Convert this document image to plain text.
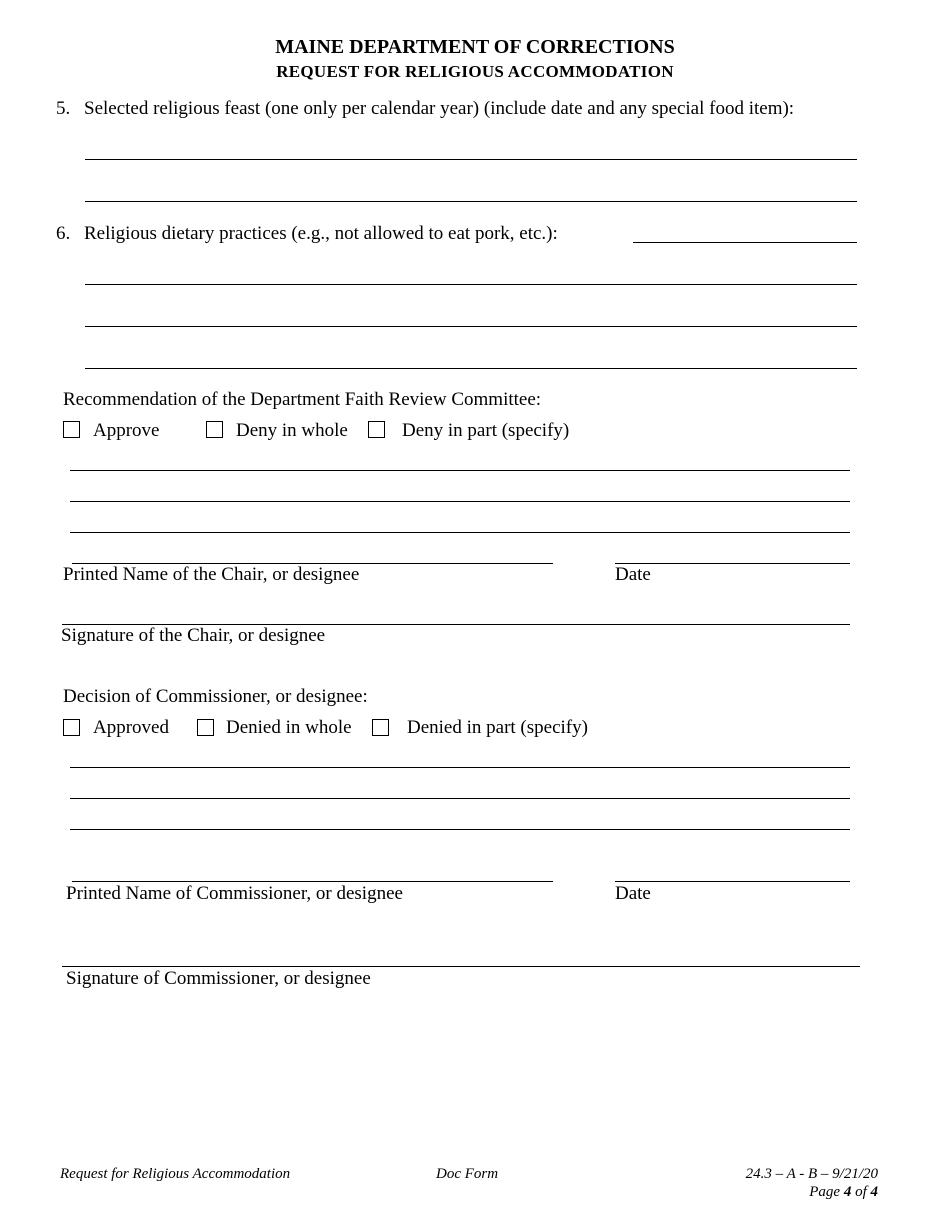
MAINE DEPARTMENT OF CORRECTIONS
REQUEST FOR RELIGIOUS ACCOMMODATION
5. Selected religious feast (one only per calendar year) (include date and any special food item):
6. Religious dietary practices (e.g., not allowed to eat pork, etc.):
Recommendation of the Department Faith Review Committee:
Approve	Deny in whole	Deny in part (specify)
Printed Name of the Chair, or designee	Date
Signature of the Chair, or designee
Decision of Commissioner, or designee:
Approved	Denied in whole	Denied in part (specify)
Printed Name of Commissioner, or designee	Date
Signature of Commissioner, or designee
Request for Religious Accommodation	Doc Form	24.3 – A - B – 9/21/20
Page 4 of 4
